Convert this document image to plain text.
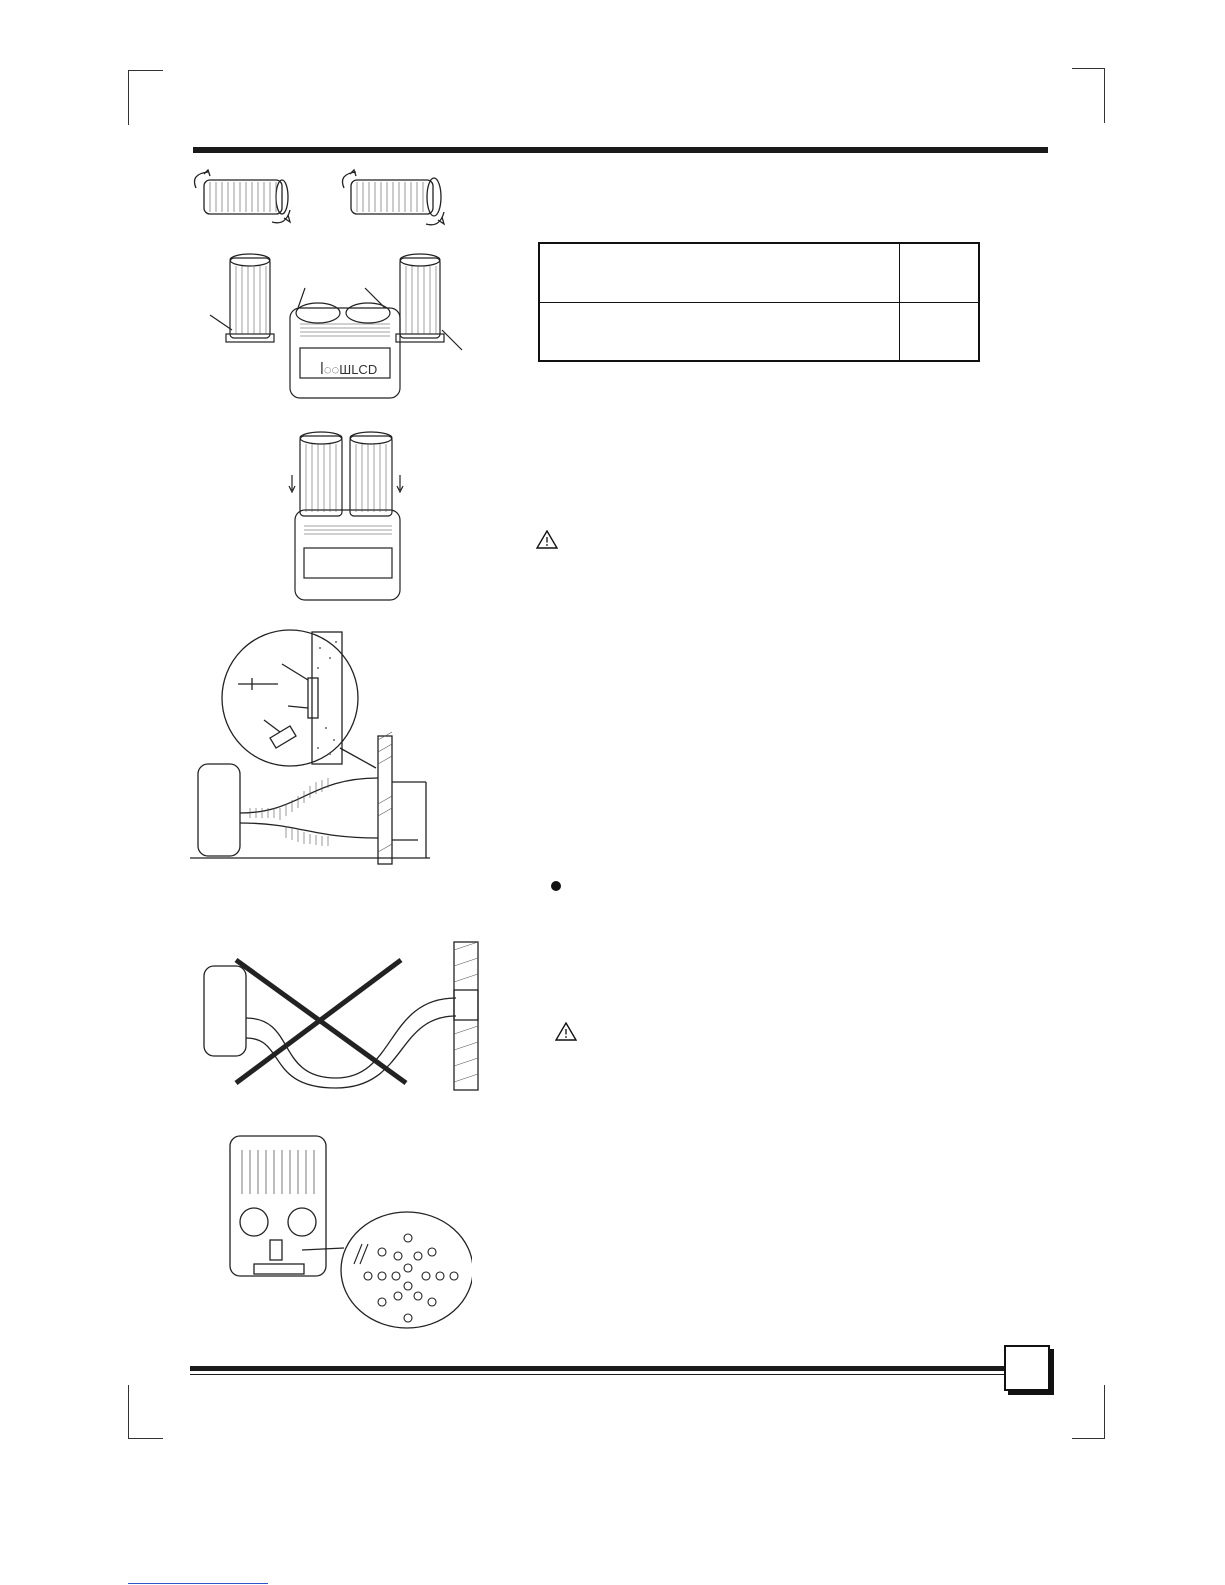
ꟾ◌◌ШLCD
